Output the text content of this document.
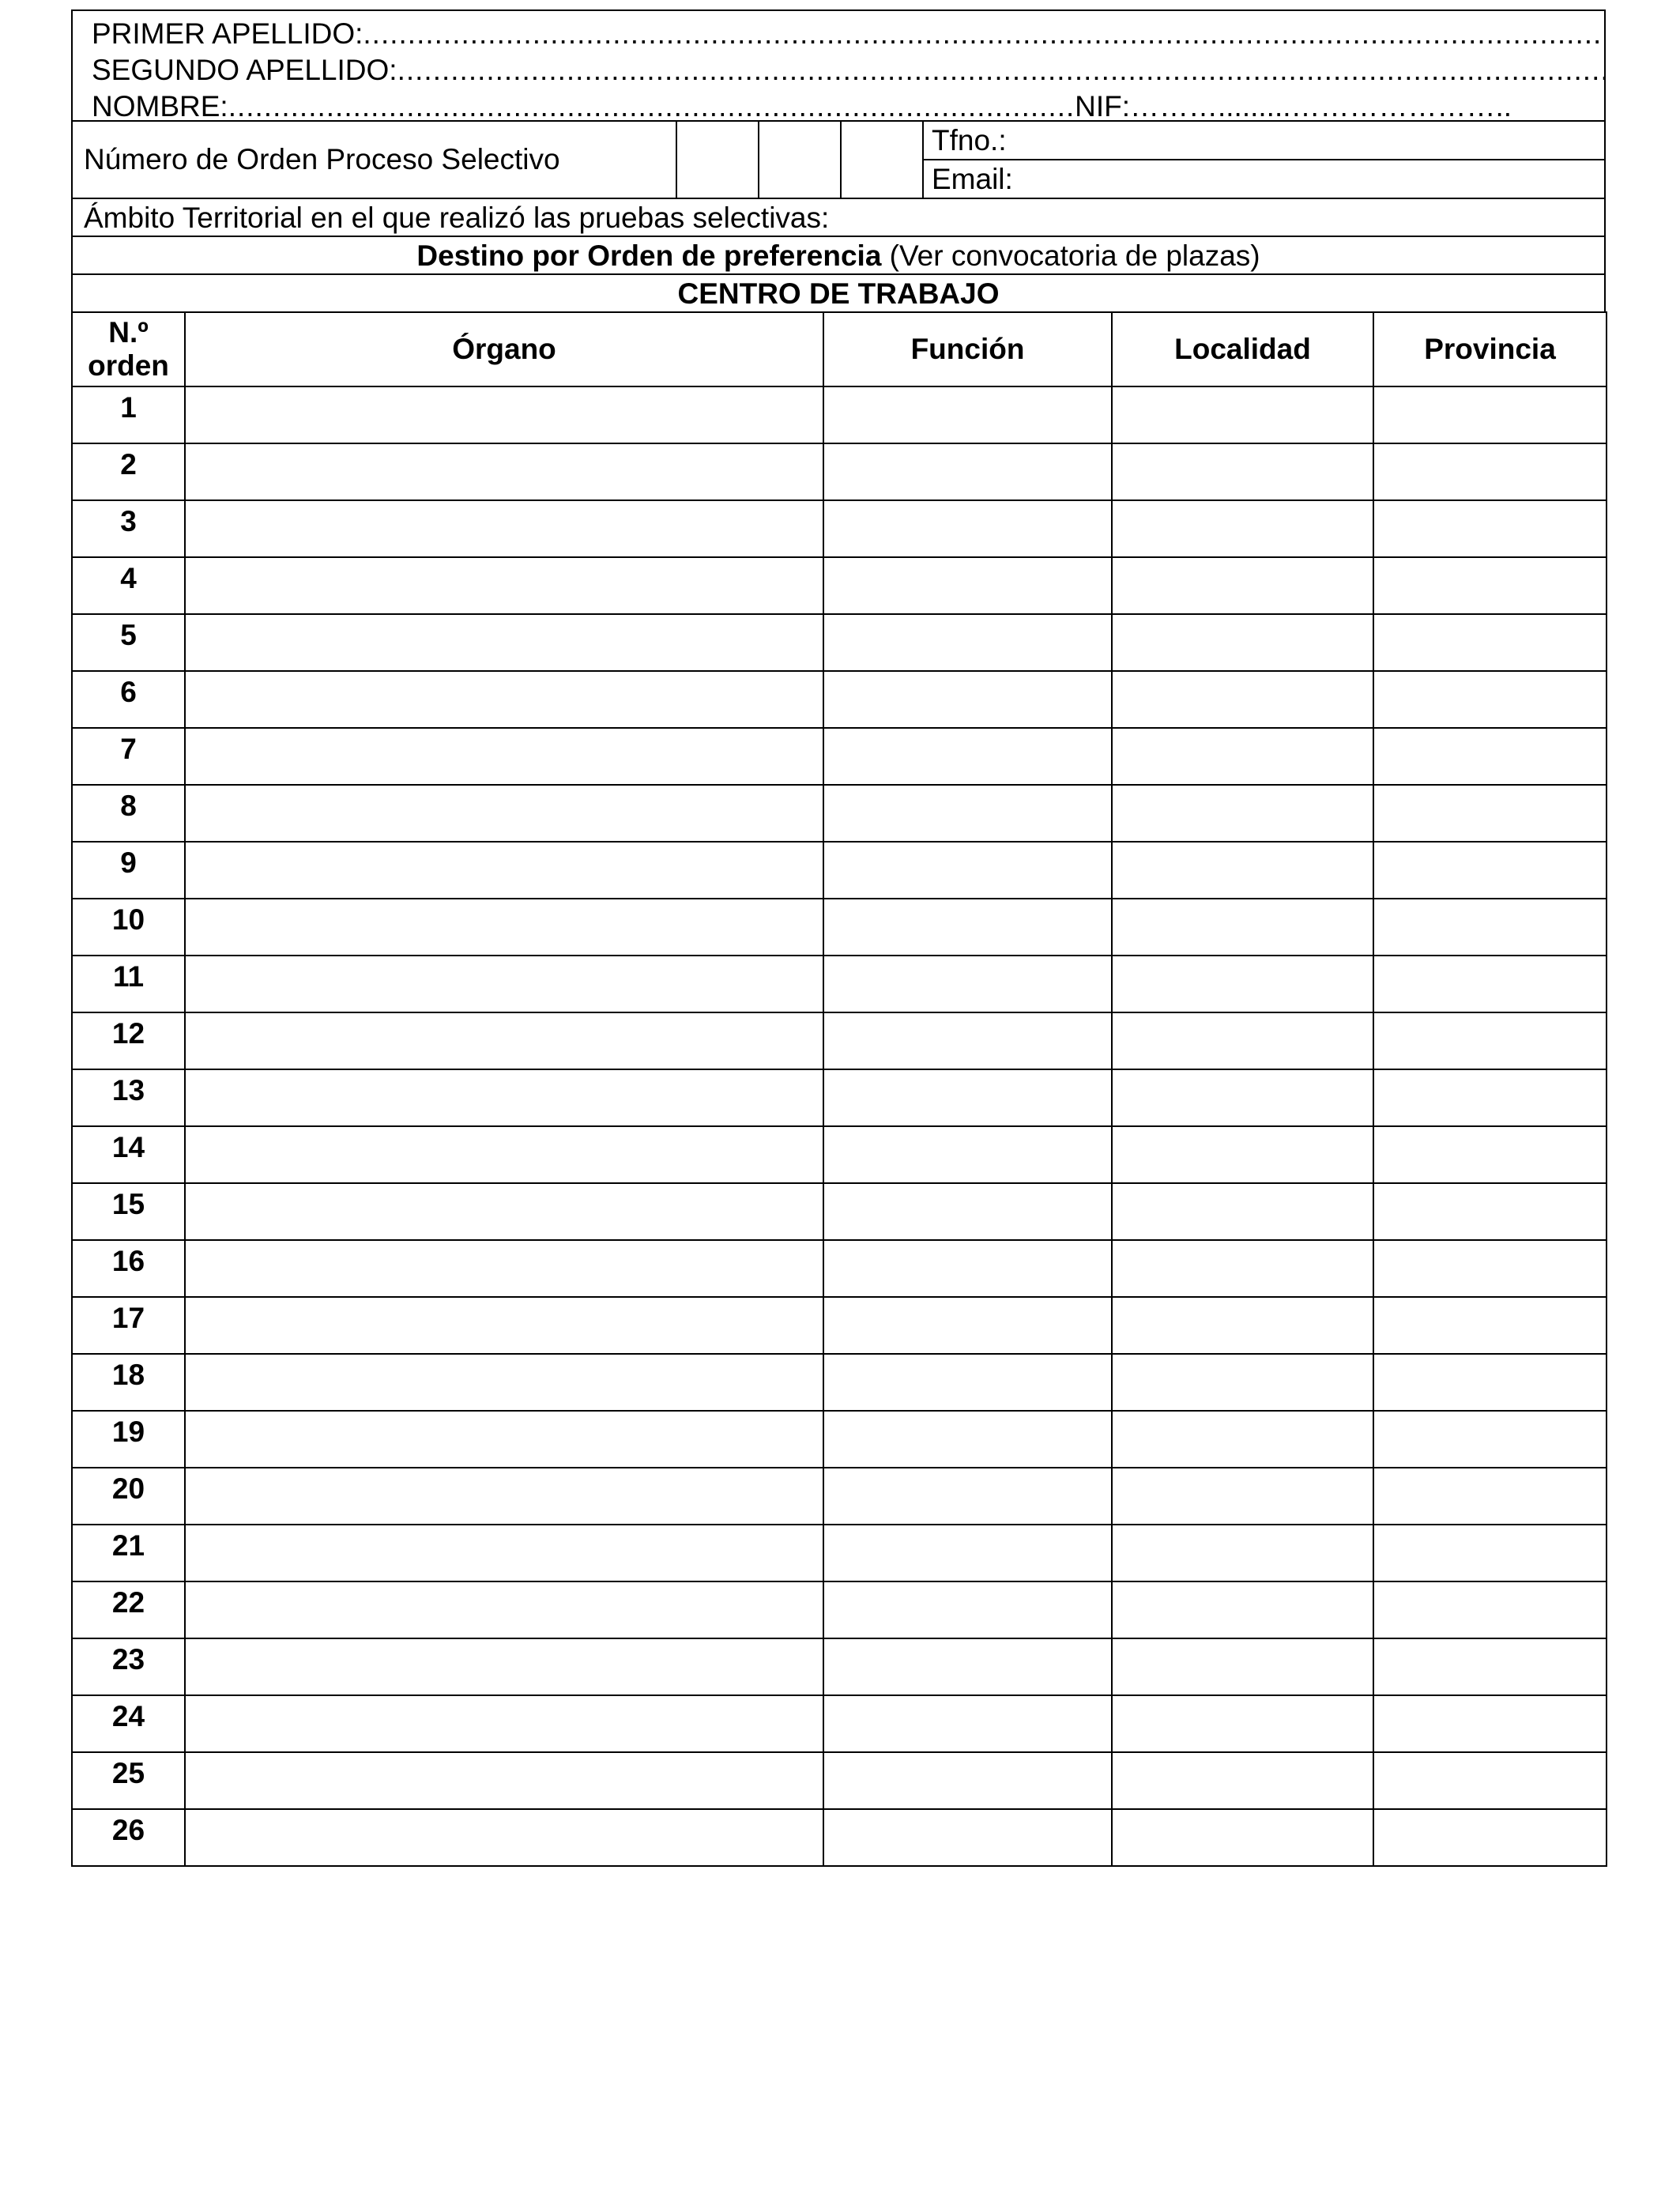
PRIMER APELLIDO:
.....
SEGUNDO APELLIDO:
.....
NOMBRE: .....	NIF: ……….........…………………..
Número de Orden Proceso Selectivo
Tfno.:
Email:
Ámbito Territorial en el que realizó las pruebas selectivas:
Destino por Orden de preferencia (Ver convocatoria de plazas)
CENTRO DE TRABAJO
N.º orden	Órgano	Función	Localidad	Provincia
1				
2				
3				
4				
5				
6				
7				
8				
9				
10				
11				
12				
13				
14				
15				
16				
17				
18				
19				
20				
21				
22				
23				
24				
25				
26				
